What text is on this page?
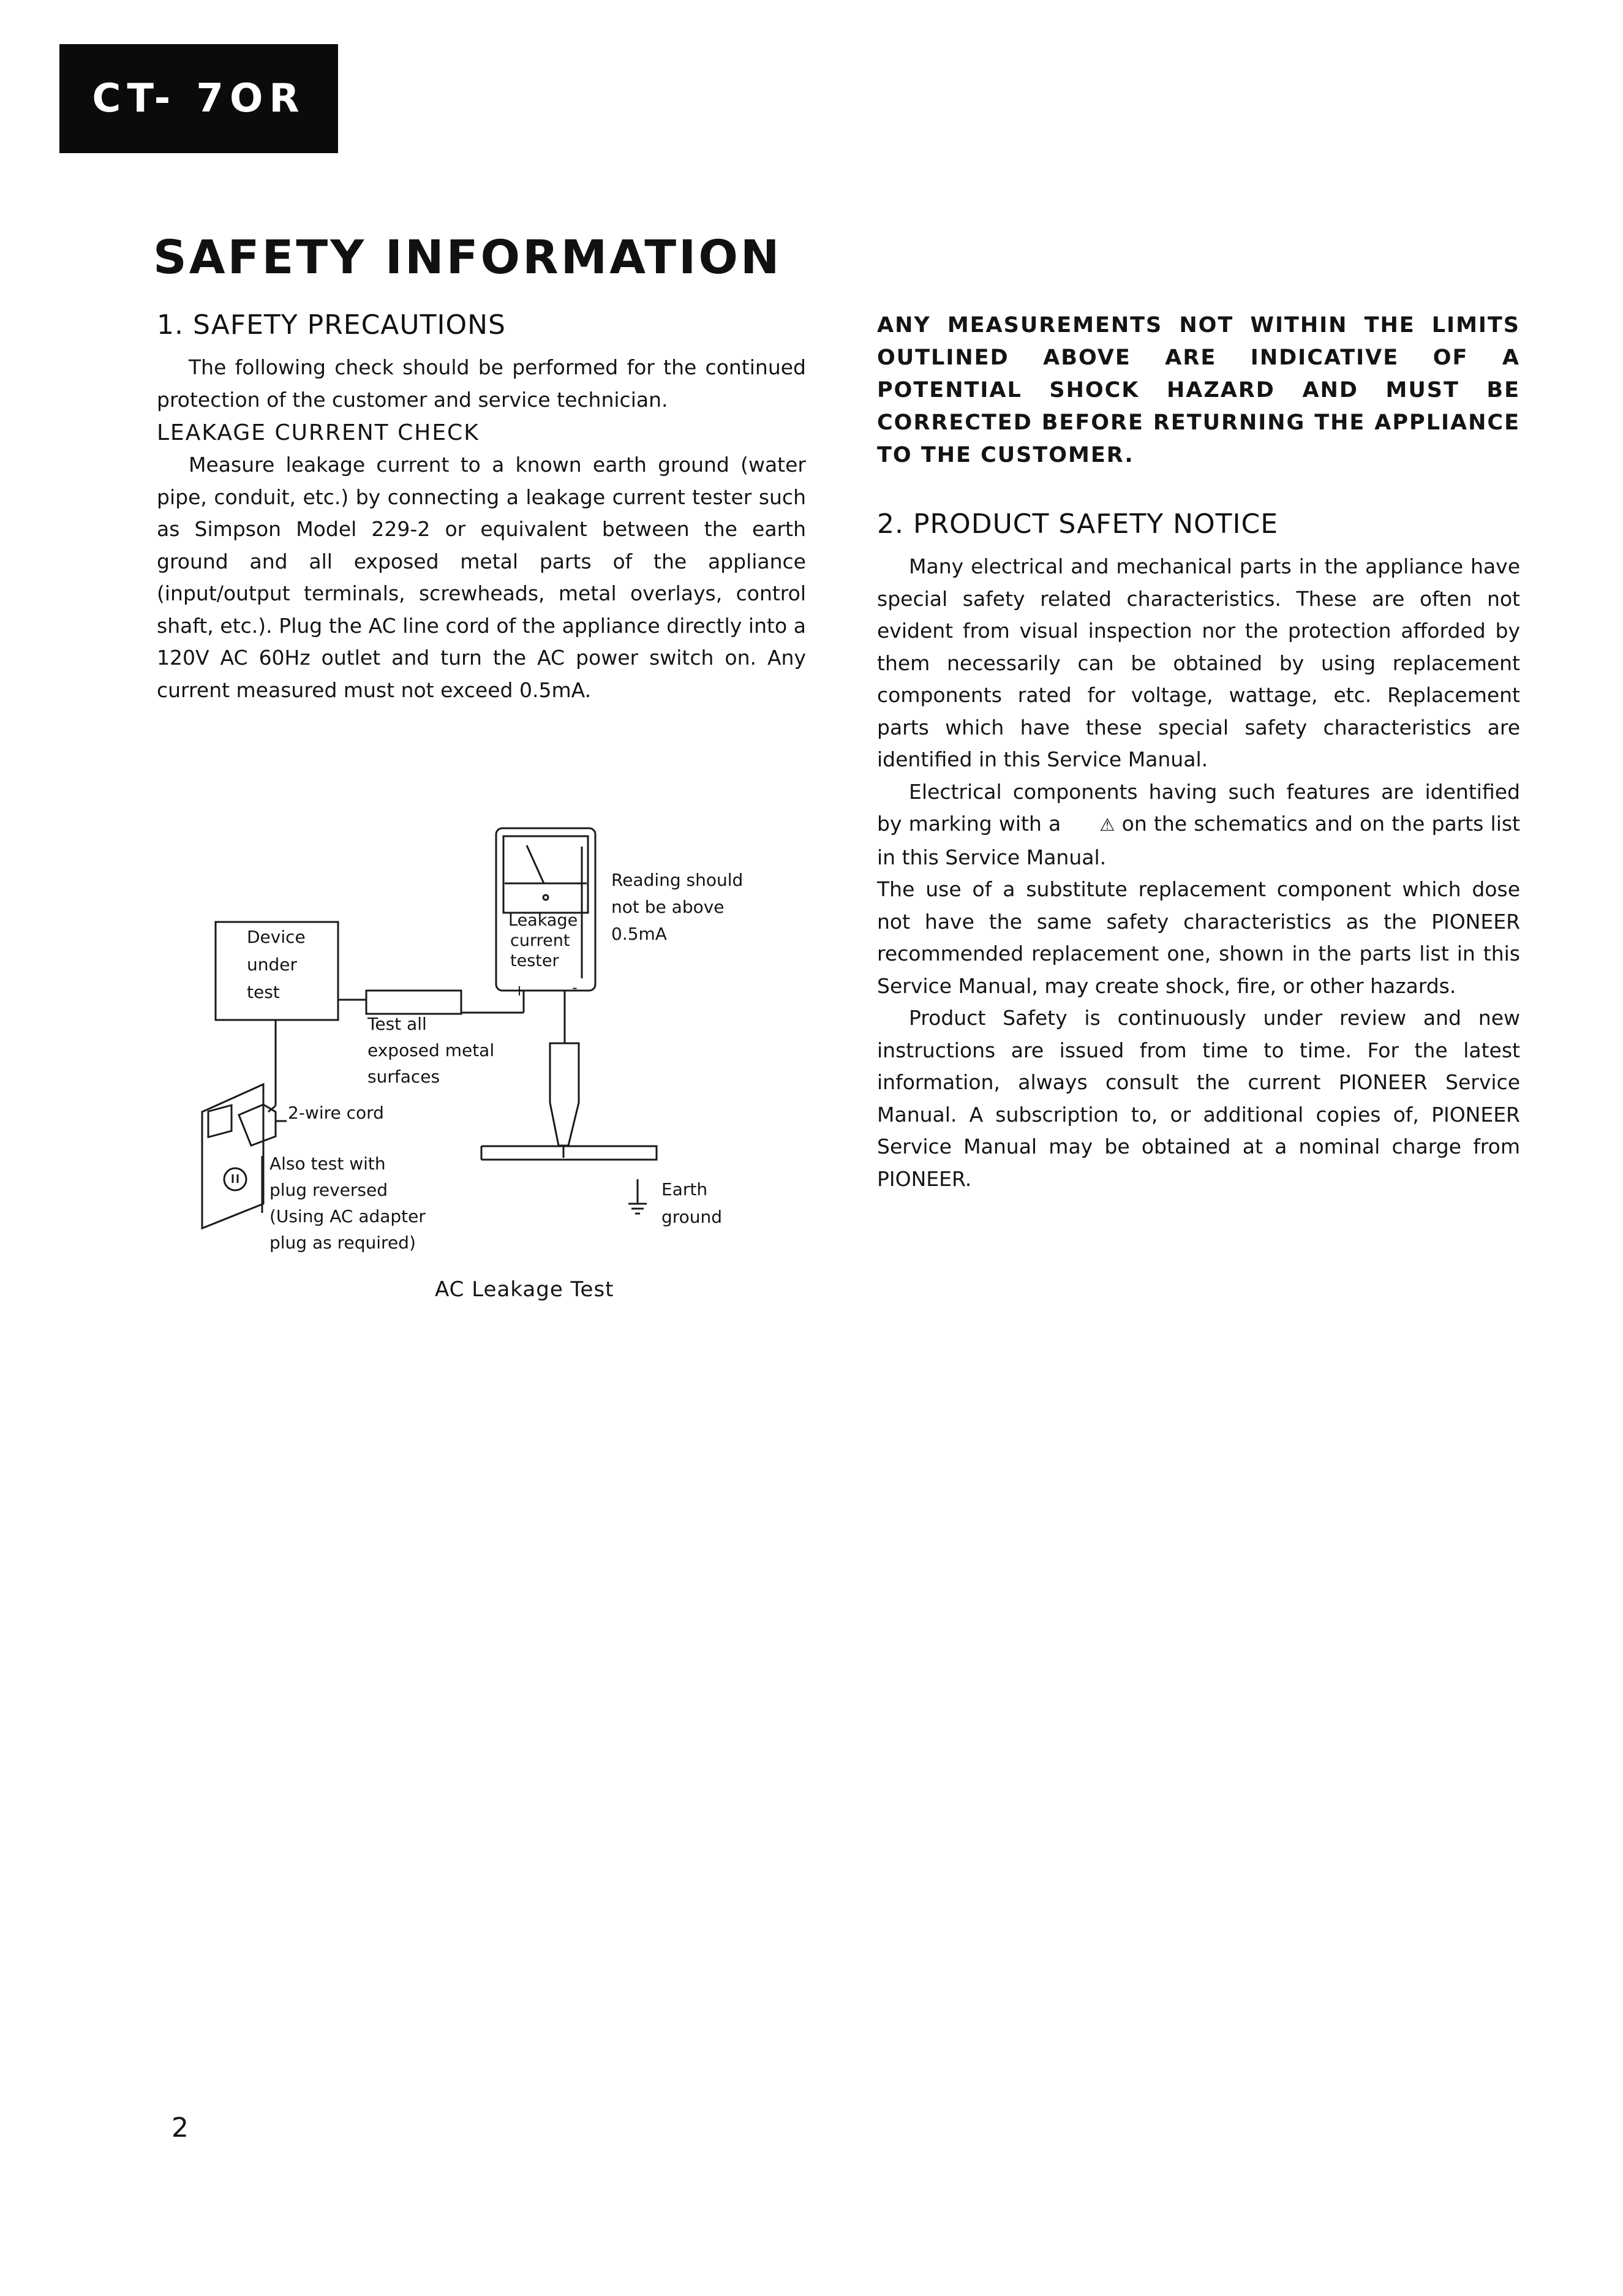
CT- 7OR
SAFETY INFORMATION
1. SAFETY PRECAUTIONS

The following check should be performed for the continued protection of the customer and service technician.

LEAKAGE CURRENT CHECK

Measure leakage current to a known earth ground (water pipe, conduit, etc.) by connecting a leakage current tester such as Simpson Model 229-2 or equivalent between the earth ground and all exposed metal parts of the appliance (input/output terminals, screwheads, metal overlays, control shaft, etc.). Plug the AC line cord of the appliance directly into a 120V AC 60Hz outlet and turn the AC power switch on. Any current measured must not exceed 0.5mA.

Device
under
test
Leakage
current
tester
Reading should
not be above
0.5mA
+	-
Test all
exposed metal
surfaces
2-wire cord
Also test with
plug reversed
(Using AC adapter
plug as required)
Earth
ground
AC Leakage Test

ANY MEASUREMENTS NOT WITHIN THE LIMITS OUTLINED ABOVE ARE INDICATIVE OF A POTENTIAL SHOCK HAZARD AND MUST BE CORRECTED BEFORE RETURNING THE APPLIANCE TO THE CUSTOMER.

2. PRODUCT SAFETY NOTICE

Many electrical and mechanical parts in the appliance have special safety related characteristics. These are often not evident from visual inspection nor the protection afforded by them necessarily can be obtained by using replacement components rated for voltage, wattage, etc. Replacement parts which have these special safety characteristics are identified in this Service Manual.

Electrical components having such features are identified by marking with a ⚠ on the schematics and on the parts list in this Service Manual.

The use of a substitute replacement component which dose not have the same safety characteristics as the PIONEER recommended replacement one, shown in the parts list in this Service Manual, may create shock, fire, or other hazards.

Product Safety is continuously under review and new instructions are issued from time to time. For the latest information, always consult the current PIONEER Service Manual. A subscription to, or additional copies of, PIONEER Service Manual may be obtained at a nominal charge from PIONEER.

2
